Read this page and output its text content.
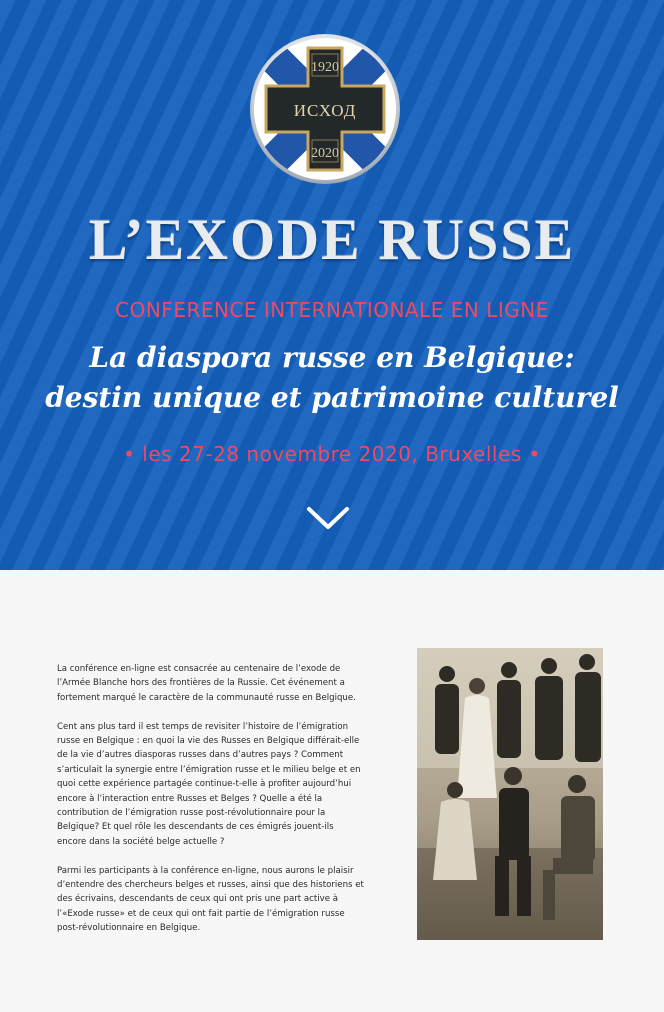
1920
ИСХОД
2020
L’EXODE RUSSE
CONFERENCE INTERNATIONALE EN LIGNE
La diaspora russe en Belgique:
destin unique et patrimoine culturel
• les 27-28 novembre 2020, Bruxelles •

La conférence en-ligne est consacrée au centenaire de l’exode de l’Armée Blanche hors des frontières de la Russie. Cet événement a fortement marqué le caractère de la communauté russe en Belgique.

Cent ans plus tard il est temps de revisiter l’histoire de l’émigration russe en Belgique : en quoi la vie des Russes en Belgique différait-elle de la vie d’autres diasporas russes dans d’autres pays ? Comment s’articulait la synergie entre l’émigration russe et le milieu belge et en quoi cette expérience partagée continue-t-elle à profiter aujourd’hui encore à l’interaction entre Russes et Belges ? Quelle a été la contribution de l’émigration russe post-révolutionnaire pour la Belgique? Et quel rôle les descendants de ces émigrés jouent-ils encore dans la société belge actuelle ?

Parmi les participants à la conférence en-ligne, nous aurons le plaisir d’entendre des chercheurs belges et russes, ainsi que des historiens et des écrivains, descendants de ceux qui ont pris une part active à l’«Exode russe» et de ceux qui ont fait partie de l’émigration russe post-révolutionnaire en Belgique.
